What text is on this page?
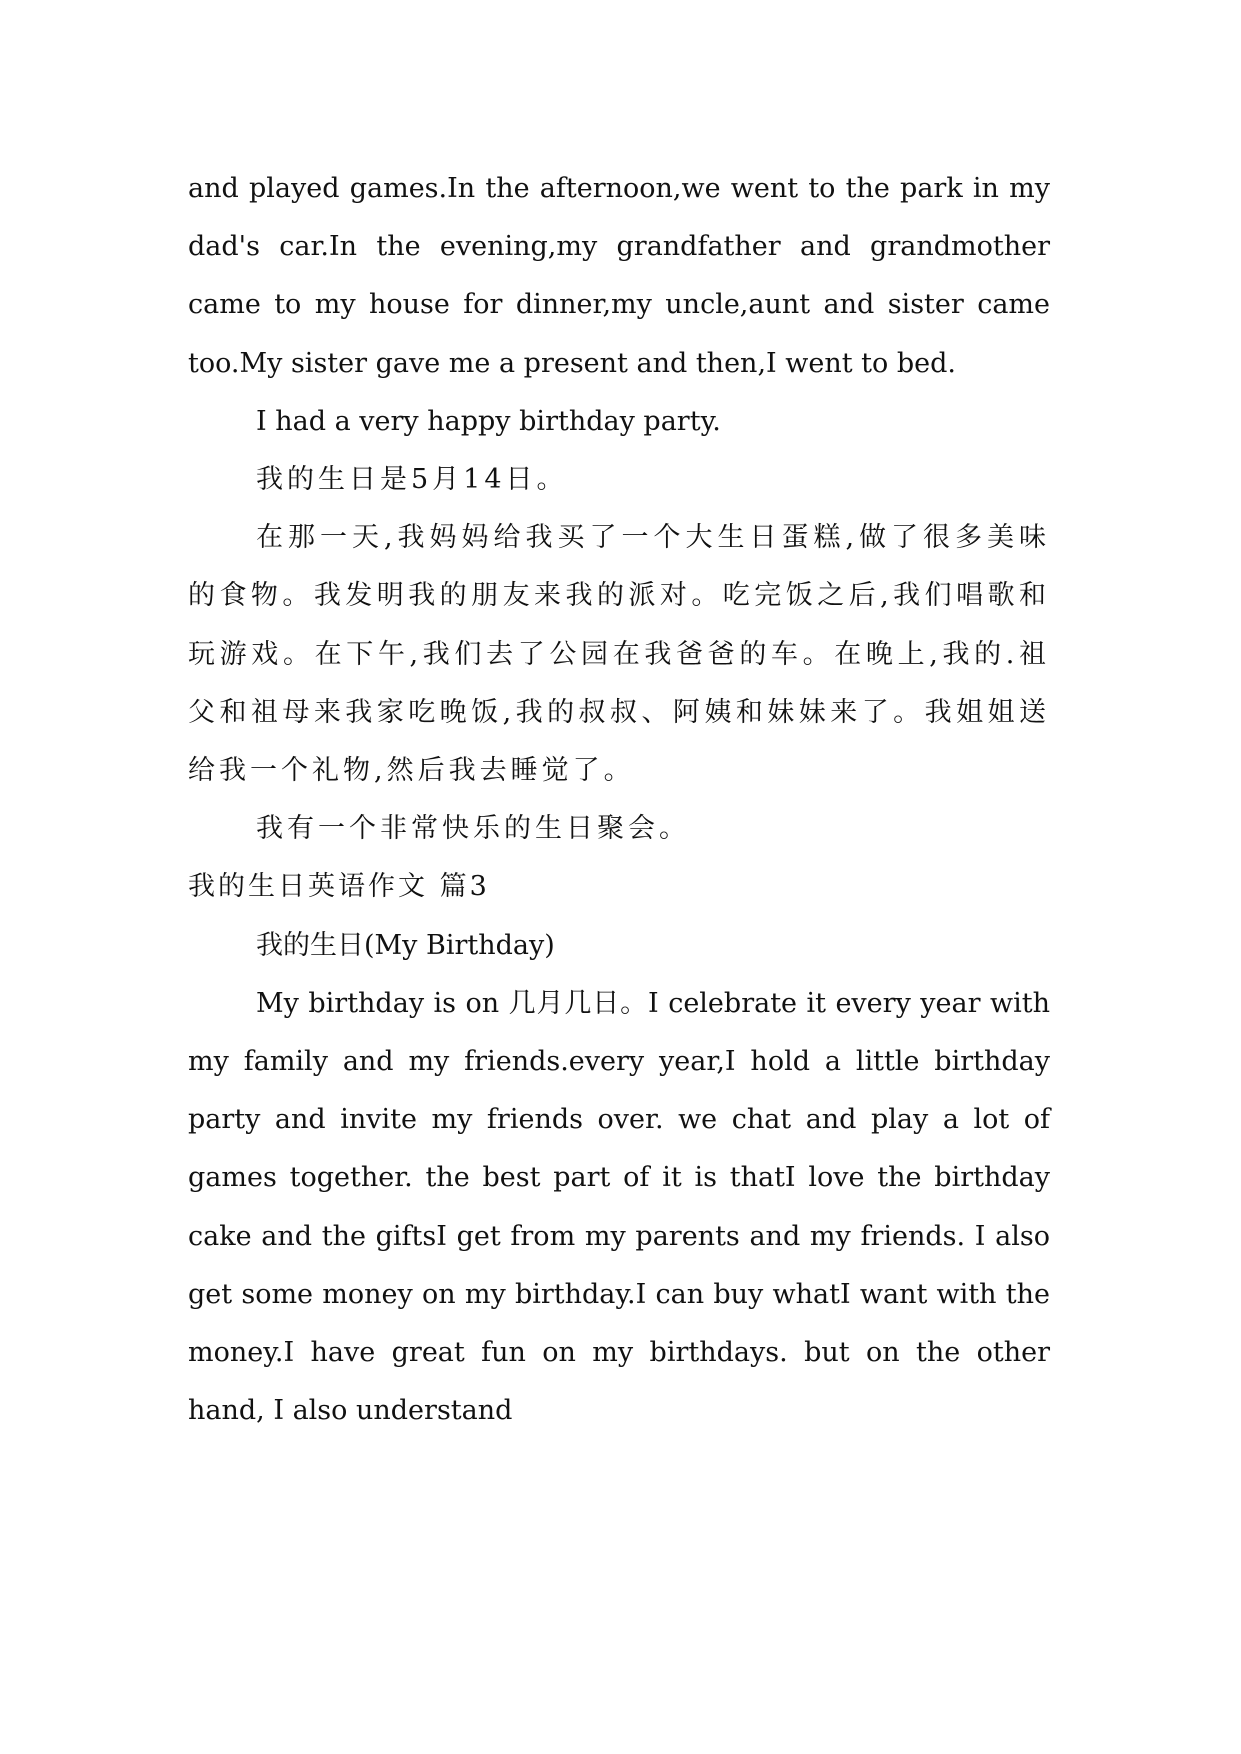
and played games.In the afternoon,we went to the park in my dad's car.In the evening,my grandfather and grandmother came to my house for dinner,my uncle,aunt and sister came too.My sister gave me a present and then,I went to bed.

I had a very happy birthday party.

我的生日是5月14日。

在那一天,我妈妈给我买了一个大生日蛋糕,做了很多美味的食物。我发明我的朋友来我的派对。吃完饭之后,我们唱歌和玩游戏。在下午,我们去了公园在我爸爸的车。在晚上,我的.祖父和祖母来我家吃晚饭,我的叔叔、阿姨和妹妹来了。我姐姐送给我一个礼物,然后我去睡觉了。

我有一个非常快乐的生日聚会。

我的生日英语作文 篇3

我的生日(My Birthday)

My birthday is on 几月几日。I celebrate it every year with my family and my friends.every year,I hold a little birthday party and invite my friends over. we chat and play a lot of games together. the best part of it is thatI love the birthday cake and the giftsI get from my parents and my friends. I also get some money on my birthday.I can buy whatI want with the money.I have great fun on my birthdays. but on the other hand, I also understand
